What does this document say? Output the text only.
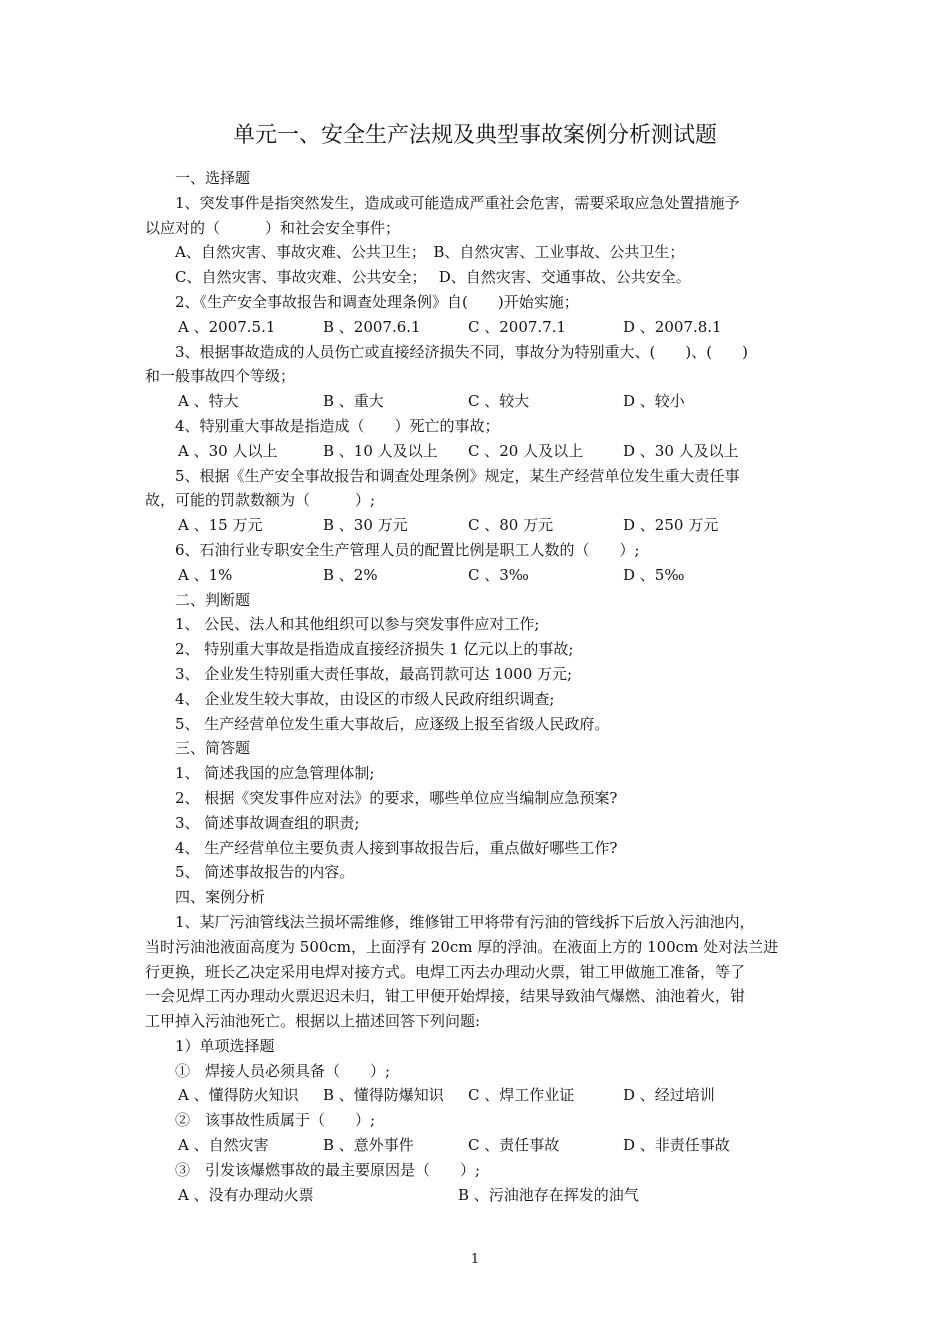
单元一、安全生产法规及典型事故案例分析测试题
一、选择题
1、突发事件是指突然发生，造成或可能造成严重社会危害，需要采取应急处置措施予
以应对的（　　　）和社会安全事件；
A、自然灾害、事故灾难、公共卫生；　B、自然灾害、工业事故、公共卫生；
C、自然灾害、事故灾难、公共安全；　 D、自然灾害、交通事故、公共安全。
2、《生产安全事故报告和调查处理条例》自(　　)开始实施；
A 、2007.5.1	B 、2007.6.1	C 、2007.7.1	D 、2007.8.1
3、根据事故造成的人员伤亡或直接经济损失不同，事故分为特别重大、(　　)、(　　)
和一般事故四个等级；
A 、特大	B 、重大	C 、较大	D 、较小
4、特别重大事故是指造成（　　）死亡的事故；
A 、30 人以上	B 、10 人及以上	C 、20 人及以上	D 、30 人及以上
5、根据《生产安全事故报告和调查处理条例》规定，某生产经营单位发生重大责任事
故，可能的罚款数额为（　　　）;
A 、15 万元	B 、30 万元	C 、80 万元	D 、250 万元
6、石油行业专职安全生产管理人员的配置比例是职工人数的（　　）;
A 、1%	B 、2%	C 、3‰	D 、5‰
二、判断题
1、 公民、法人和其他组织可以参与突发事件应对工作;
2、 特别重大事故是指造成直接经济损失 1 亿元以上的事故;
3、 企业发生特别重大责任事故，最高罚款可达 1000 万元;
4、 企业发生较大事故，由设区的市级人民政府组织调查;
5、 生产经营单位发生重大事故后，应逐级上报至省级人民政府。
三、简答题
1、 简述我国的应急管理体制;
2、 根据《突发事件应对法》的要求，哪些单位应当编制应急预案?
3、 简述事故调查组的职责;
4、 生产经营单位主要负责人接到事故报告后，重点做好哪些工作?
5、 简述事故报告的内容。
四、案例分析
1、某厂污油管线法兰损坏需维修，维修钳工甲将带有污油的管线拆下后放入污油池内，
当时污油池液面高度为 500cm，上面浮有 20cm 厚的浮油。在液面上方的 100cm 处对法兰进
行更换，班长乙决定采用电焊对接方式。电焊工丙去办理动火票，钳工甲做施工准备，等了
一会见焊工丙办理动火票迟迟未归，钳工甲便开始焊接，结果导致油气爆燃、油池着火，钳
工甲掉入污油池死亡。根据以上描述回答下列问题:
1）单项选择题
①　焊接人员必须具备（　　）;
A 、懂得防火知识	B 、懂得防爆知识	C 、焊工作业证	D 、经过培训
②　该事故性质属于（　　）;
A 、自然灾害	B 、意外事件	C 、责任事故	D 、非责任事故
③　引发该爆燃事故的最主要原因是（　　）;
A 、没有办理动火票	B 、污油池存在挥发的油气
1
